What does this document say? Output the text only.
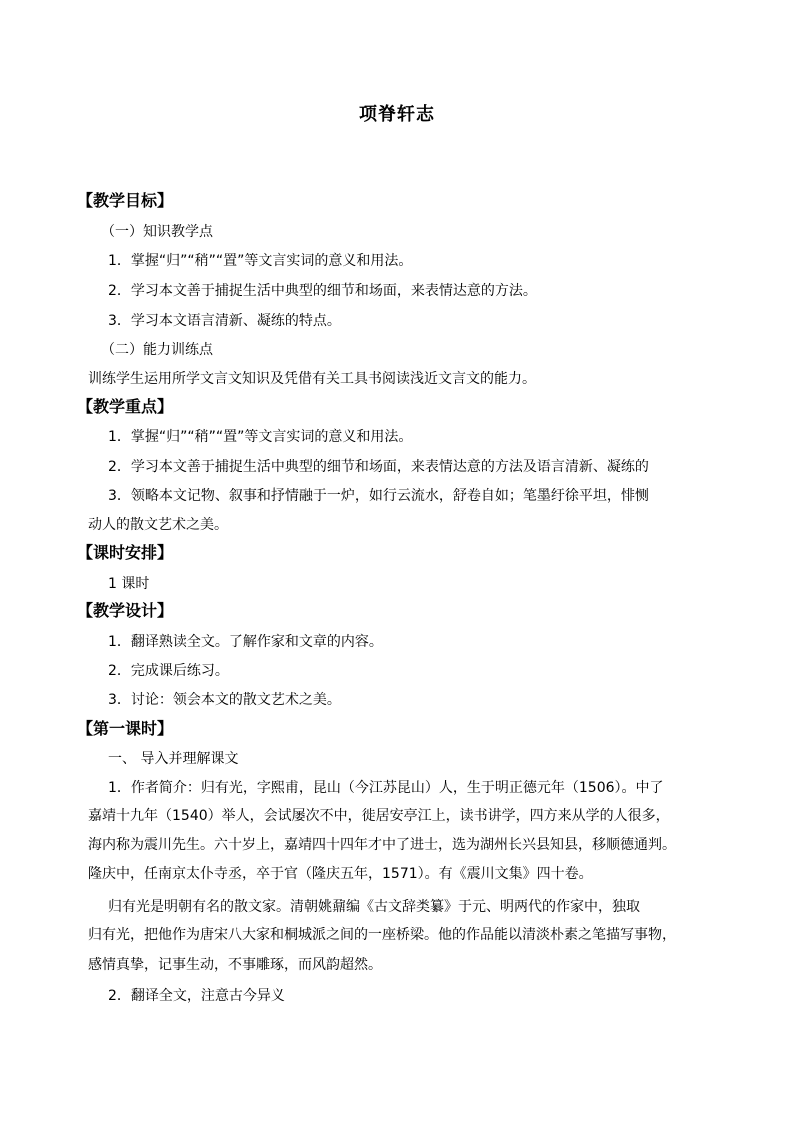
项脊轩志
【教学目标】
（一）知识教学点
1．掌握“归”“稍”“置”等文言实词的意义和用法。
2．学习本文善于捕捉生活中典型的细节和场面，来表情达意的方法。
3．学习本文语言清新、凝练的特点。
（二）能力训练点
训练学生运用所学文言文知识及凭借有关工具书阅读浅近文言文的能力。
【教学重点】
1．掌握“归”“稍”“置”等文言实词的意义和用法。
2．学习本文善于捕捉生活中典型的细节和场面，来表情达意的方法及语言清新、凝练的
3．领略本文记物、叙事和抒情融于一炉，如行云流水，舒卷自如；笔墨纡徐平坦，悱恻
动人的散文艺术之美。
【课时安排】
1 课时
【教学设计】
1．翻译熟读全文。了解作家和文章的内容。
2．完成课后练习。
3．讨论：领会本文的散文艺术之美。
【第一课时】
一、 导入并理解课文
1．作者简介：归有光，字熙甫，昆山（今江苏昆山）人，生于明正德元年（1506）。中了
嘉靖十九年（1540）举人，会试屡次不中，徙居安亭江上，读书讲学，四方来从学的人很多，
海内称为震川先生。六十岁上，嘉靖四十四年才中了进士，选为湖州长兴县知县，移顺德通判。
隆庆中，任南京太仆寺丞，卒于官（隆庆五年，1571）。有《震川文集》四十卷。
归有光是明朝有名的散文家。清朝姚鼐编《古文辞类纂》于元、明两代的作家中，独取
归有光，把他作为唐宋八大家和桐城派之间的一座桥梁。他的作品能以清淡朴素之笔描写事物，
感情真挚，记事生动，不事雕琢，而风韵超然。
2．翻译全文，注意古今异义
